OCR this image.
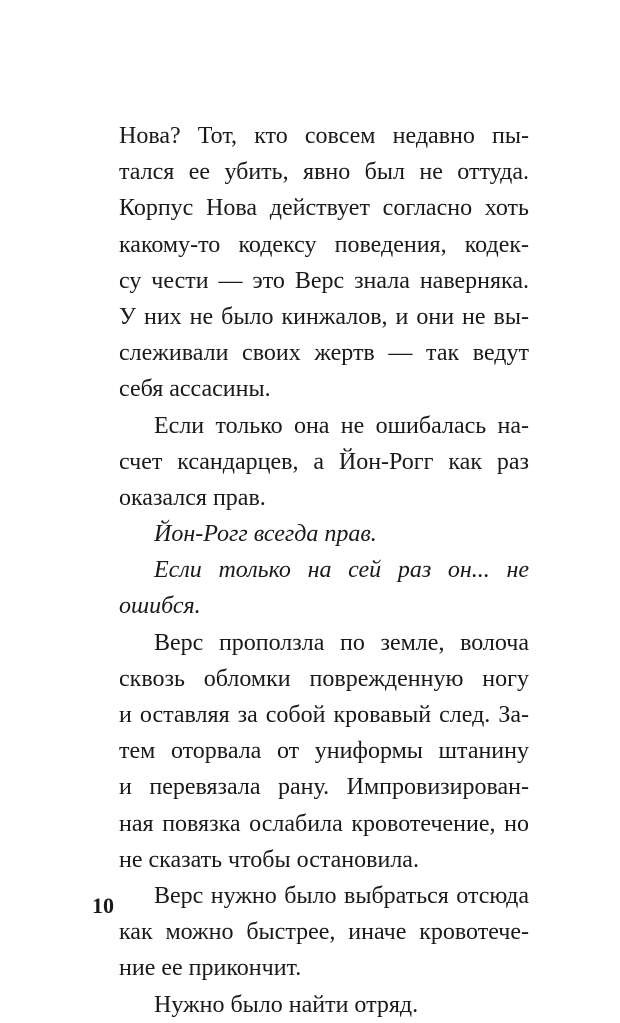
Нова? Тот, кто совсем недавно пы-
тался ее убить, явно был не оттуда.
Корпус Нова действует согласно хоть
какому-то кодексу поведения, кодек-
су чести — это Верс знала наверняка.
У них не было кинжалов, и они не вы-
слеживали своих жертв — так ведут
себя ассасины.
Если только она не ошибалась на-
счет ксандарцев, а Йон-Рогг как раз
оказался прав.
Йон-Рогг всегда прав.
Если только на сей раз он... не
ошибся.
Верс проползла по земле, волоча
сквозь обломки поврежденную ногу
и оставляя за собой кровавый след. За-
тем оторвала от униформы штанину
и перевязала рану. Импровизирован-
ная повязка ослабила кровотечение, но
не сказать чтобы остановила.
Верс нужно было выбраться отсюда
как можно быстрее, иначе кровотече-
ние ее прикончит.
Нужно было найти отряд.
10
